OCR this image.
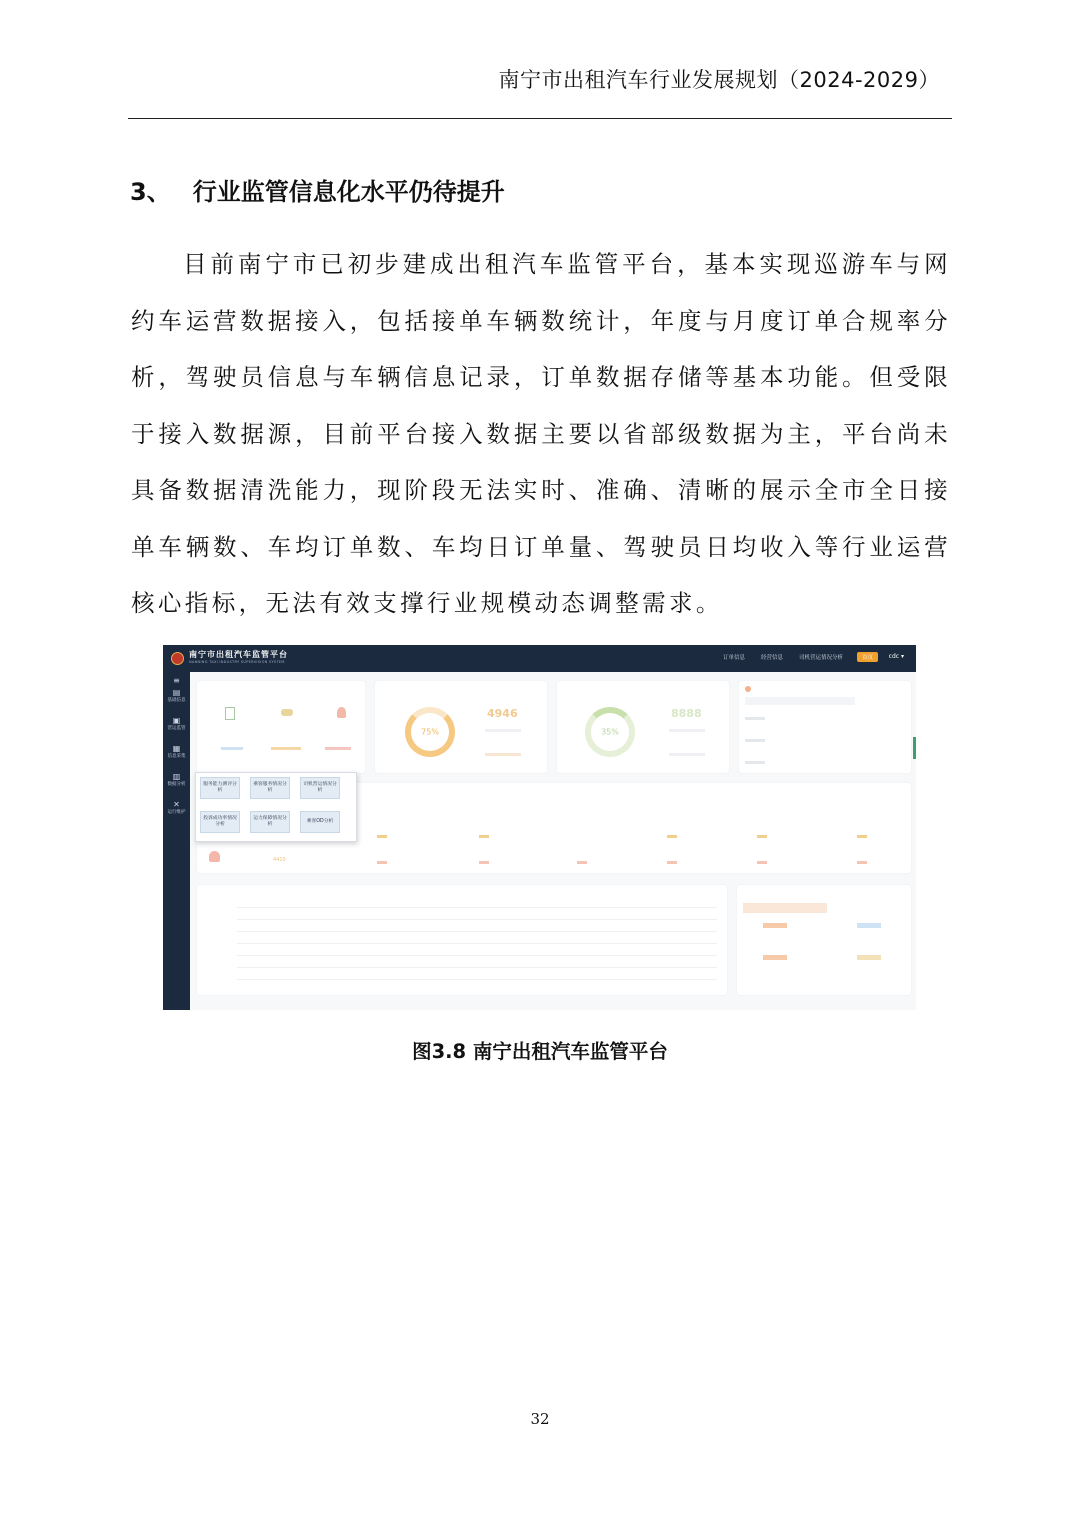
南宁市出租汽车行业发展规划（2024-2029）
3、 行业监管信息化水平仍待提升

目前南宁市已初步建成出租汽车监管平台，基本实现巡游车与网约车运营数据接入，包括接单车辆数统计，年度与月度订单合规率分析，驾驶员信息与车辆信息记录，订单数据存储等基本功能。但受限于接入数据源，目前平台接入数据主要以省部级数据为主，平台尚未具备数据清洗能力，现阶段无法实时、准确、清晰的展示全市全日接单车辆数、车均订单数、车均日订单量、驾驶员日均收入等行业运营核心指标，无法有效支撑行业规模动态调整需求。

南宁市出租汽车监管平台
NANNING TAXI INDUSTRY SUPERVISION SYSTEM
订单信息	经营信息	司机营运情况分析	首页	cdc ▾
≡
▤
基础信息
▣
营运监管
▦
信息采集
▥
数据分析
✕
运行维护
75%
4946
35%
8888
4410
服务能力测评分析
乘客服务情况分析
司机营运情况分析
投诉成功率情况分析
运力保障情况分析
乘客OD分析

图3.8 南宁出租汽车监管平台

32
